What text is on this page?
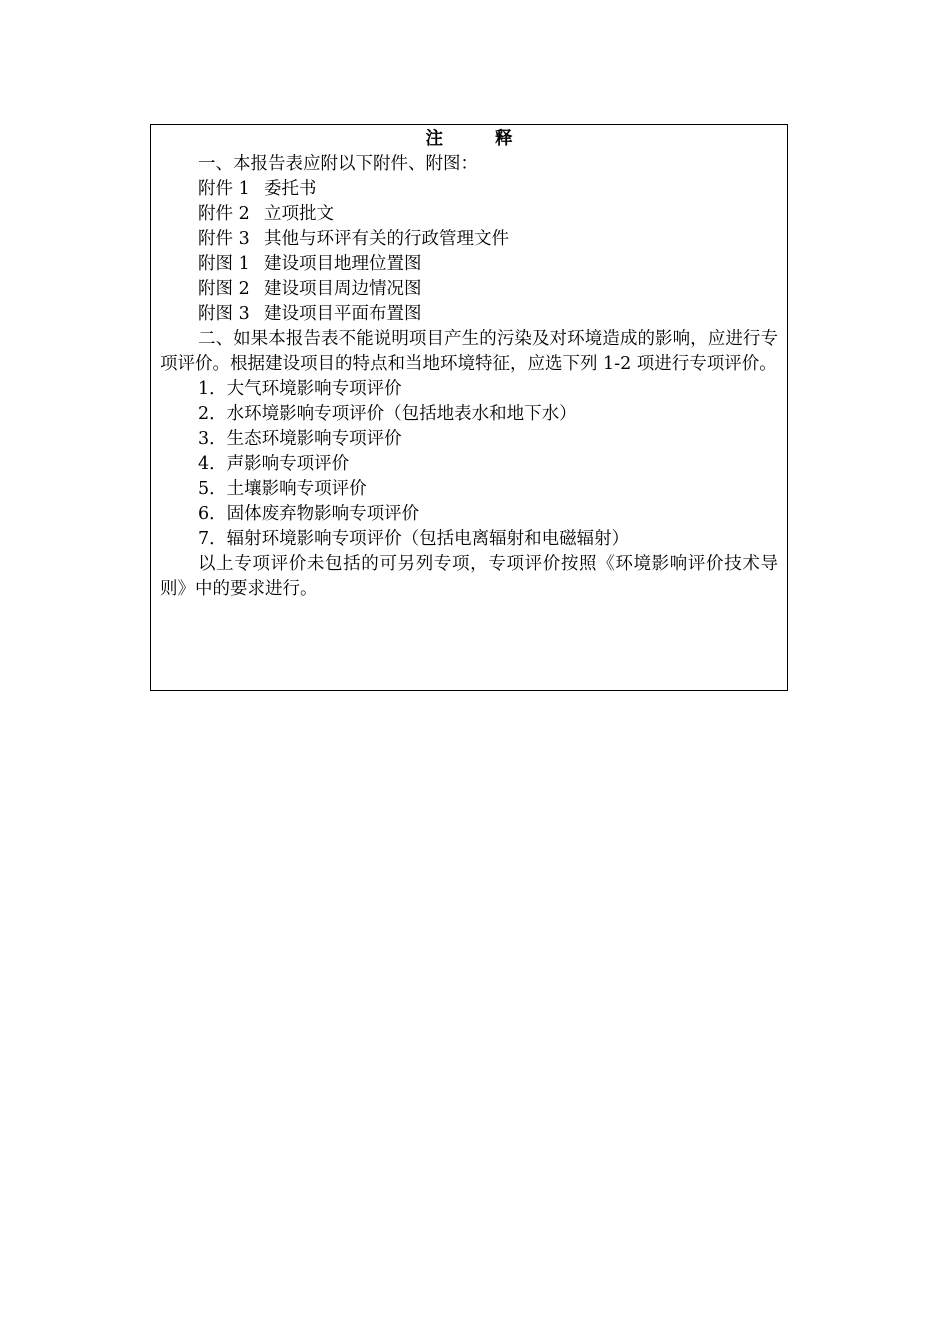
注	释
一、本报告表应附以下附件、附图：
附件 1 委托书
附件 2 立项批文
附件 3 其他与环评有关的行政管理文件
附图 1 建设项目地理位置图
附图 2 建设项目周边情况图
附图 3 建设项目平面布置图
二、如果本报告表不能说明项目产生的污染及对环境造成的影响，应进行专项评价。根据建设项目的特点和当地环境特征，应选下列 1-2 项进行专项评价。
1．大气环境影响专项评价
2．水环境影响专项评价（包括地表水和地下水）
3．生态环境影响专项评价
4．声影响专项评价
5．土壤影响专项评价
6．固体废弃物影响专项评价
7．辐射环境影响专项评价（包括电离辐射和电磁辐射）
以上专项评价未包括的可另列专项，专项评价按照《环境影响评价技术导则》中的要求进行。
